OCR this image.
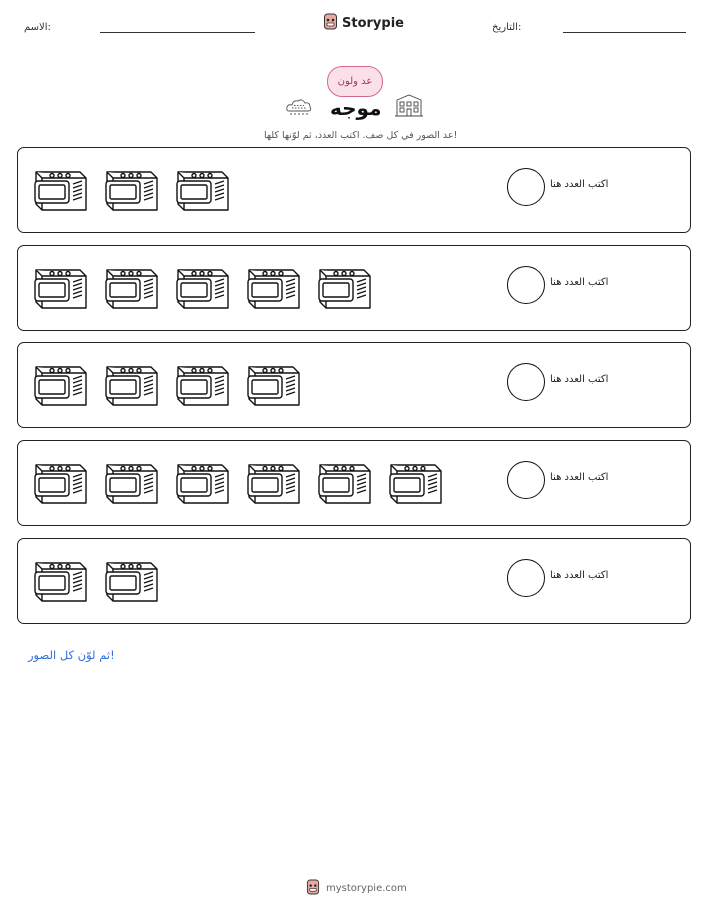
الاسم:	Storypie	التاريخ:
عد ولون
موجه
عد الصور في كل صف. اكتب العدد، ثم لوّنها كلها!
اكتب العدد هنا
اكتب العدد هنا
اكتب العدد هنا
اكتب العدد هنا
اكتب العدد هنا
ثم لوّن كل الصور!
mystorypie.com
